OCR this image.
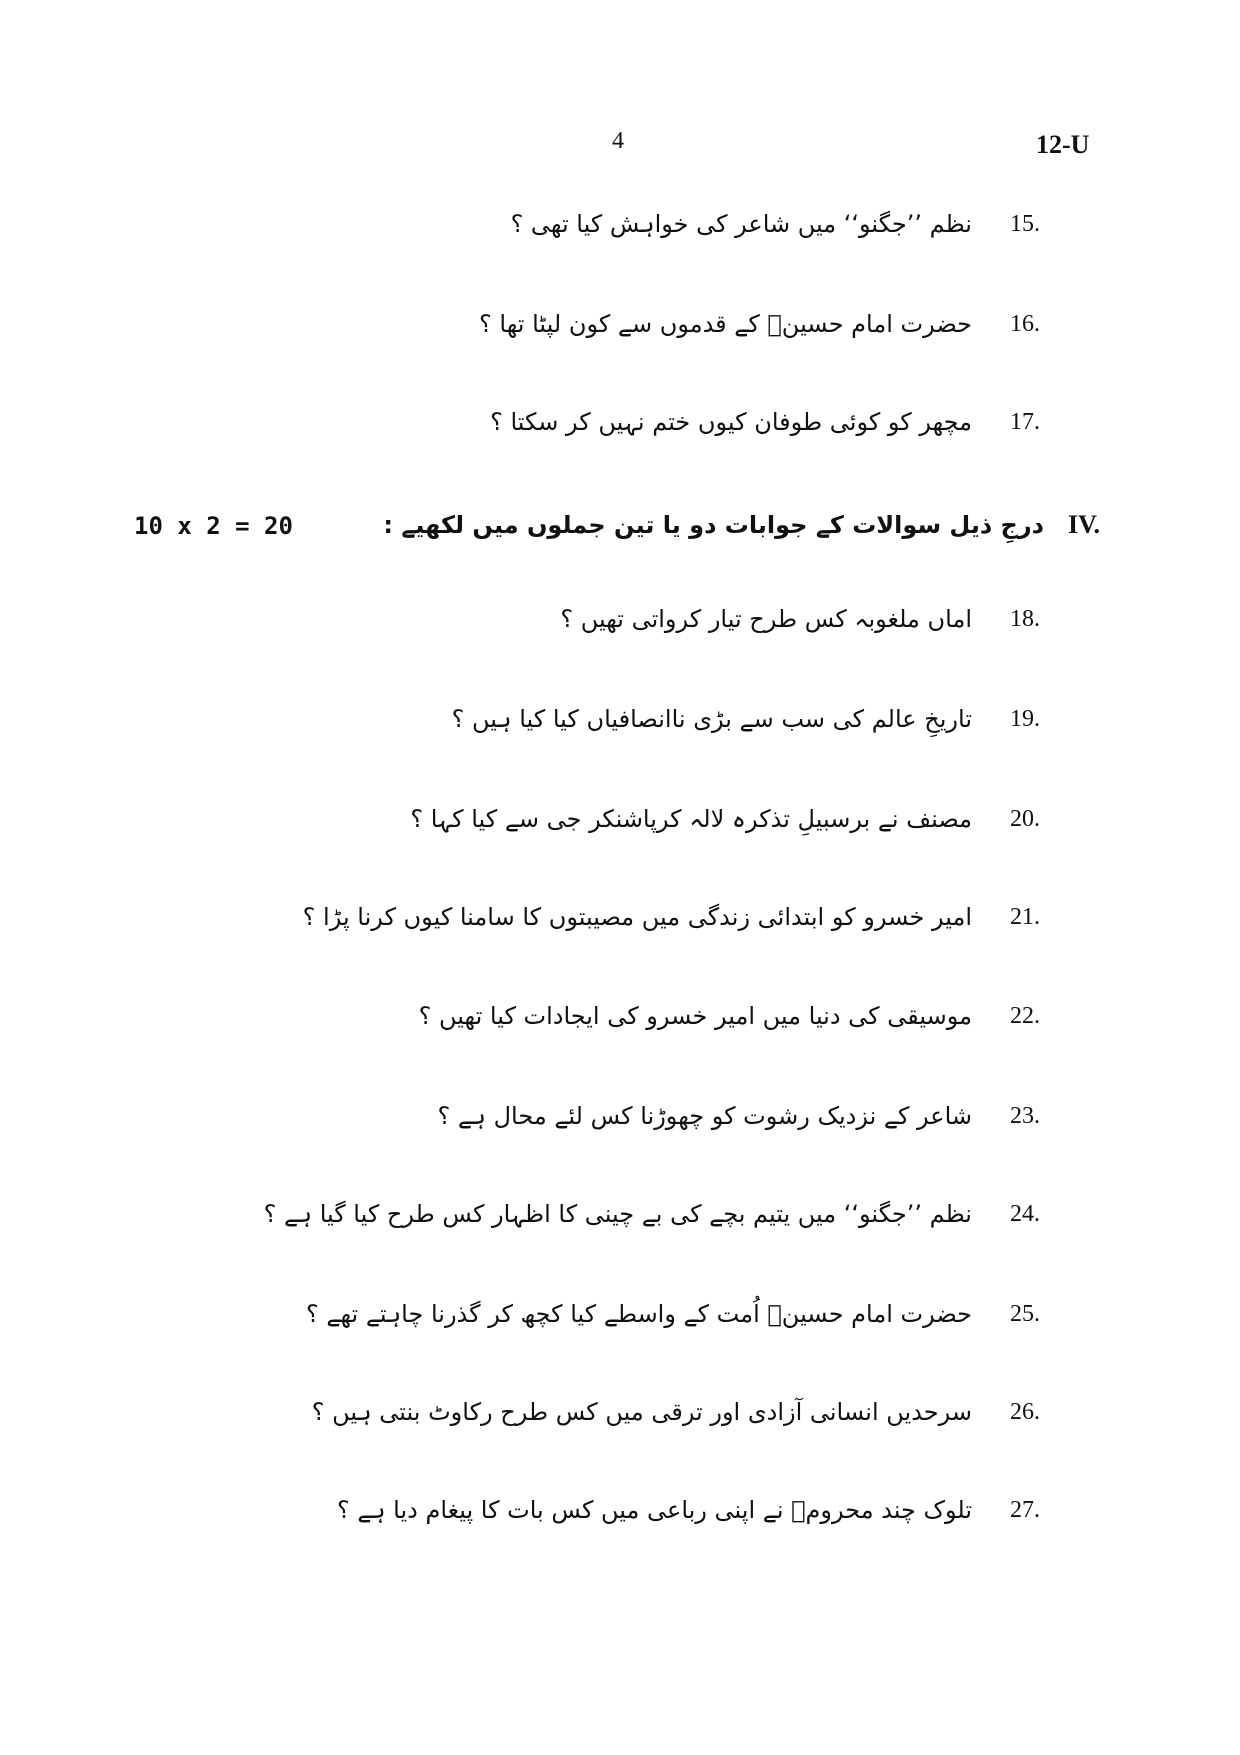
4	12-U
15.
نظم ’’جگنو‘‘ میں شاعر کی خواہش کیا تھی ؟
16.
حضرت امام حسینؓ کے قدموں سے کون لپٹا تھا ؟
17.
مچھر کو کوئی طوفان کیوں ختم نہیں کر سکتا ؟
IV.
درجِ ذیل سوالات کے جوابات دو یا تین جملوں میں لکھیے :
10 x 2 = 20
18.
اماں ملغوبہ کس طرح تیار کرواتی تھیں ؟
19.
تاریخِ عالم کی سب سے بڑی ناانصافیاں کیا کیا ہیں ؟
20.
مصنف نے برسبیلِ تذکرہ لالہ کرپاشنکر جی سے کیا کہا ؟
21.
امیر خسرو کو ابتدائی زندگی میں مصیبتوں کا سامنا کیوں کرنا پڑا ؟
22.
موسیقی کی دنیا میں امیر خسرو کی ایجادات کیا تھیں ؟
23.
شاعر کے نزدیک رشوت کو چھوڑنا کس لئے محال ہے ؟
24.
نظم ’’جگنو‘‘ میں یتیم بچے کی بے چینی کا اظہار کس طرح کیا گیا ہے ؟
25.
حضرت امام حسینؓ اُمت کے واسطے کیا کچھ کر گذرنا چاہتے تھے ؟
26.
سرحدیں انسانی آزادی اور ترقی میں کس طرح رکاوٹ بنتی ہیں ؟
27.
تلوک چند محرومؔ نے اپنی رباعی میں کس بات کا پیغام دیا ہے ؟
